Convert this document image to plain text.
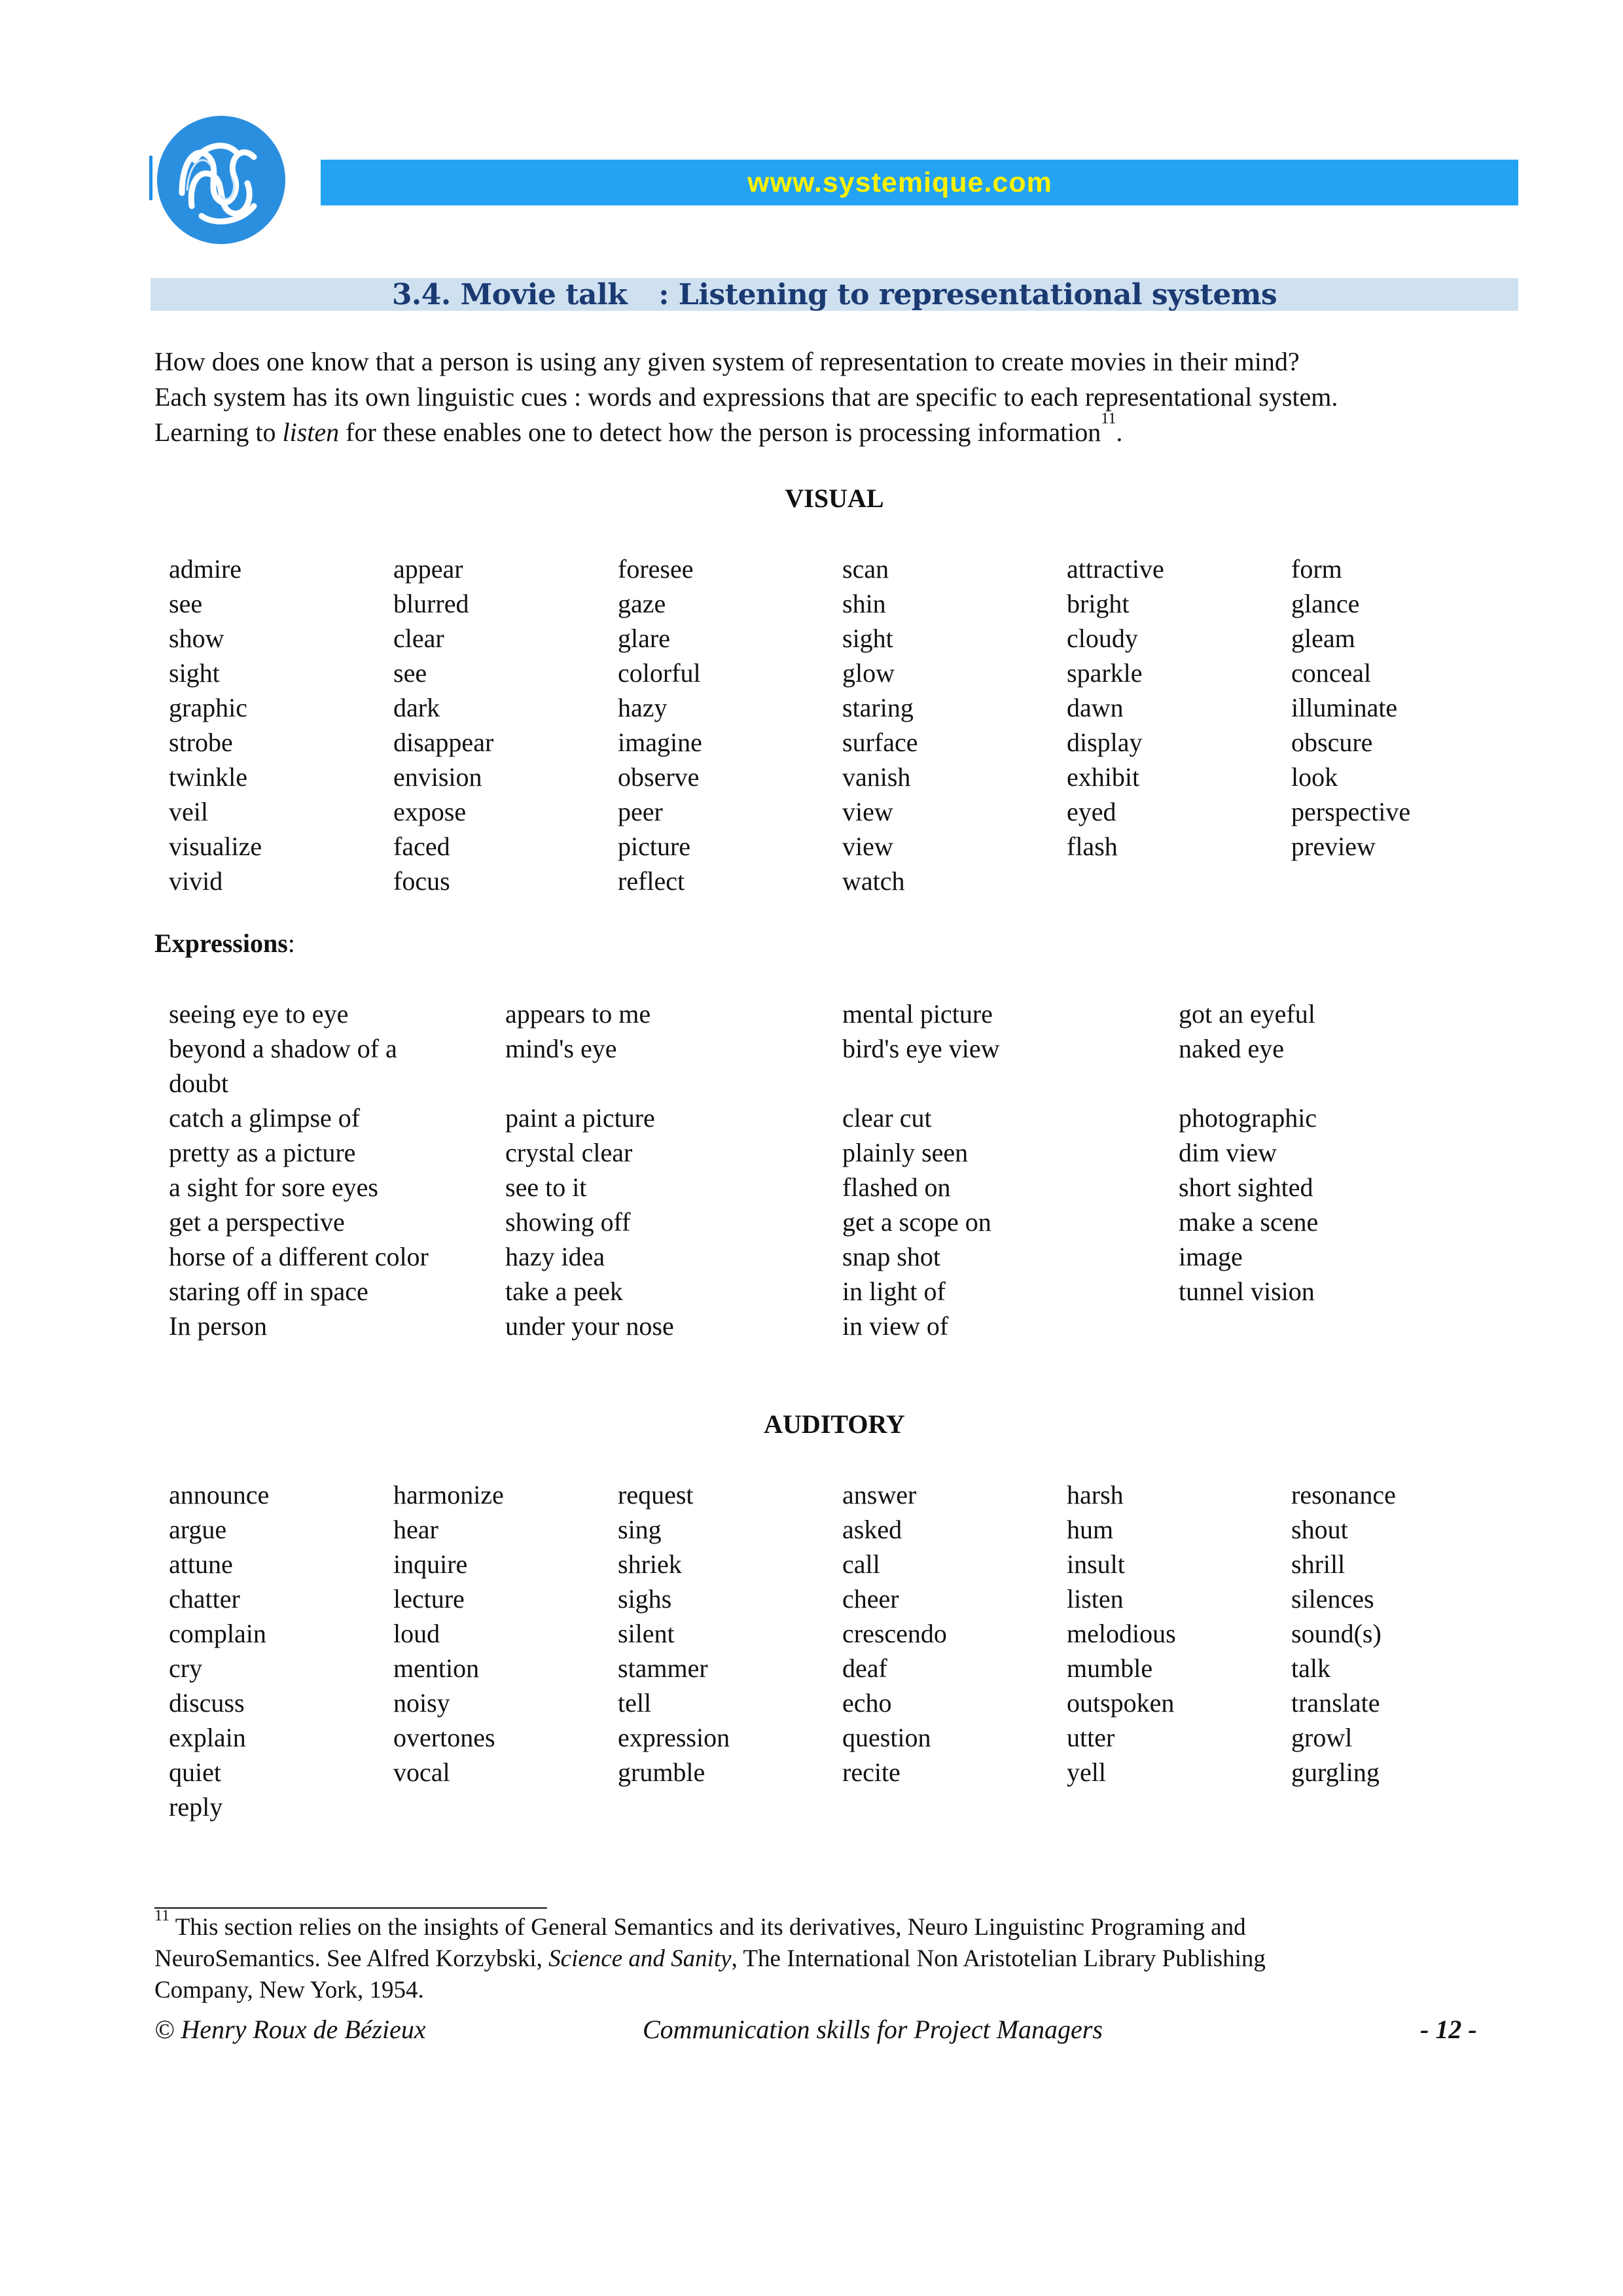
www.systemique.com
3.4. Movie talk : Listening to representational systems

How does one know that a person is using any given system of representation to create movies in their mind?

Each system has its own linguistic cues : words and expressions that are specific to each representational system.

Learning to listen for these enables one to detect how the person is processing information$^{11}$.

VISUAL
admire
see
show
sight
graphic
strobe
twinkle
veil
visualize
vivid
appear
blurred
clear
see
dark
disappear
envision
expose
faced
focus
foresee
gaze
glare
colorful
hazy
imagine
observe
peer
picture
reflect
scan
shin
sight
glow
staring
surface
vanish
view
view
watch
attractive
bright
cloudy
sparkle
dawn
display
exhibit
eyed
flash
form
glance
gleam
conceal
illuminate
obscure
look
perspective
preview
Expressions:
seeing eye to eye
beyond a shadow of a
doubt
catch a glimpse of
pretty as a picture
a sight for sore eyes
get a perspective
horse of a different color
staring off in space
In person
appears to me
mind's eye

paint a picture
crystal clear
see to it
showing off
hazy idea
take a peek
under your nose
mental picture
bird's eye view

clear cut
plainly seen
flashed on
get a scope on
snap shot
in light of
in view of
got an eyeful
naked eye

photographic
dim view
short sighted
make a scene
image
tunnel vision
AUDITORY
announce
argue
attune
chatter
complain
cry
discuss
explain
quiet
reply
harmonize
hear
inquire
lecture
loud
mention
noisy
overtones
vocal
request
sing
shriek
sighs
silent
stammer
tell
expression
grumble
answer
asked
call
cheer
crescendo
deaf
echo
question
recite
harsh
hum
insult
listen
melodious
mumble
outspoken
utter
yell
resonance
shout
shrill
silences
sound(s)
talk
translate
growl
gurgling

$^{11}$ This section relies on the insights of General Semantics and its derivatives, Neuro Linguistinc Programing and

NeuroSemantics. See Alfred Korzybski, Science and Sanity, The International Non Aristotelian Library Publishing

Company, New York, 1954.

© Henry Roux de Bézieux	Communication skills for Project Managers	- 12 -
